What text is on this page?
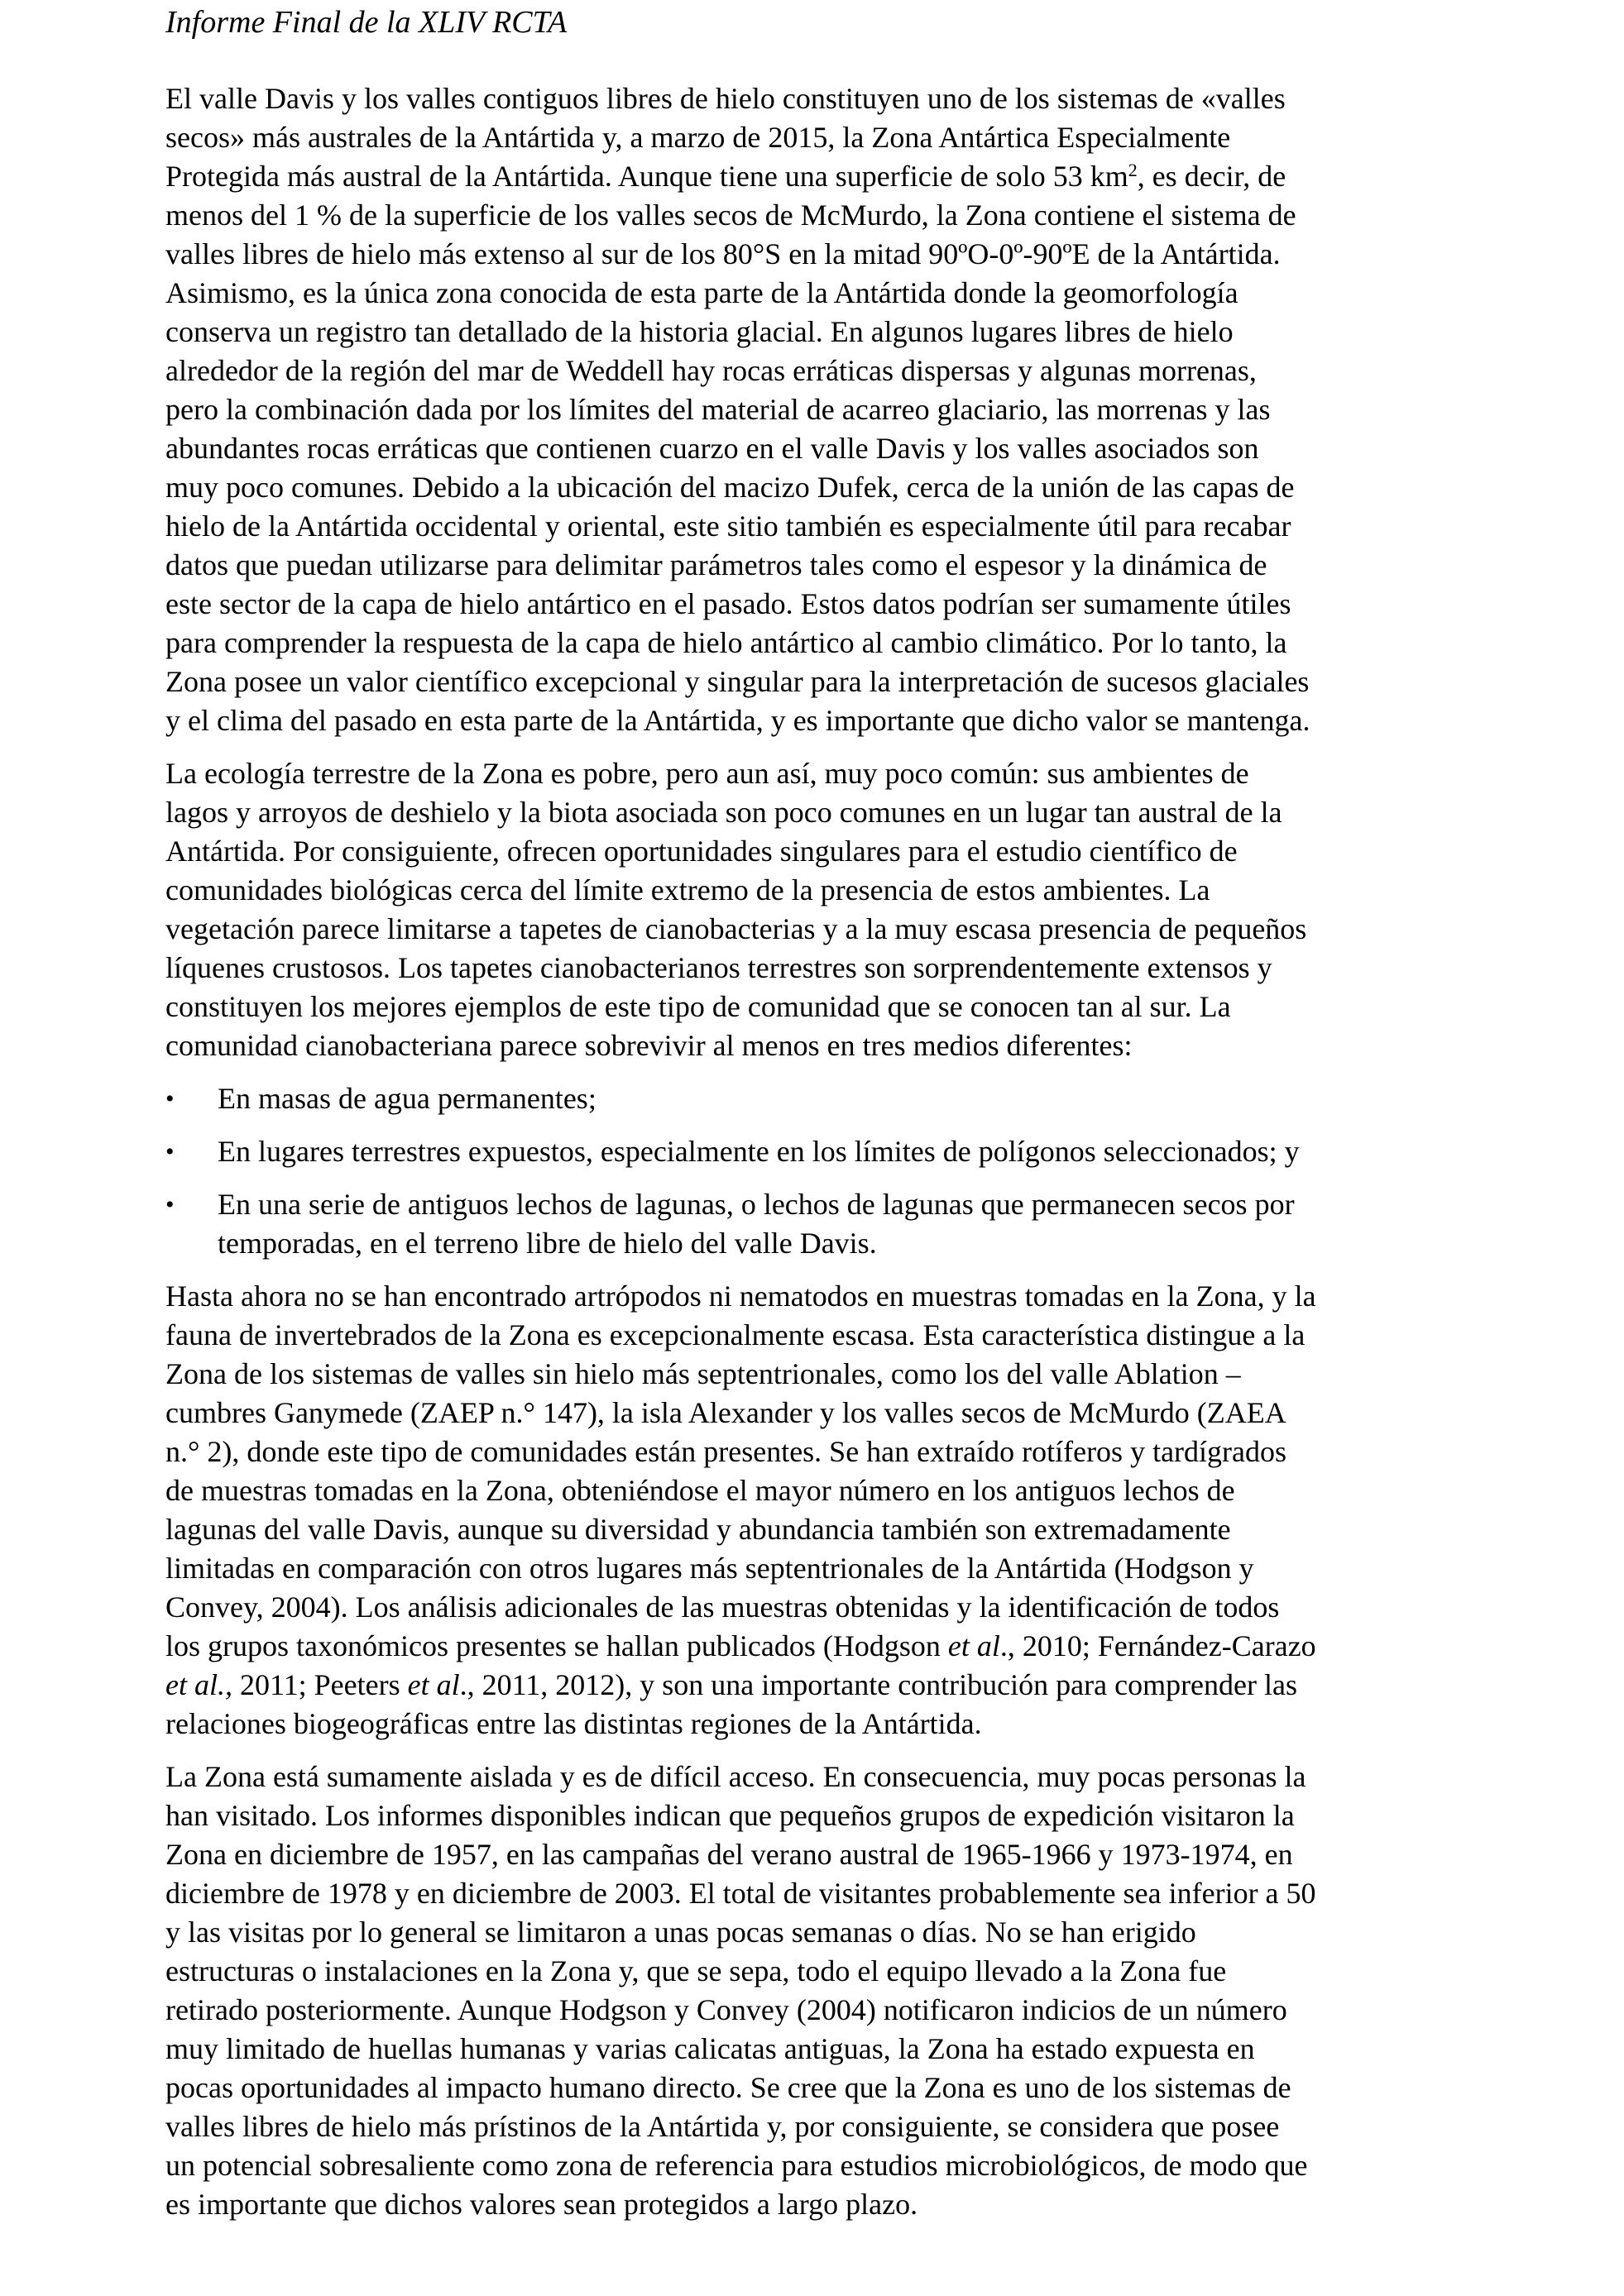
Informe Final de la XLIV RCTA
El valle Davis y los valles contiguos libres de hielo constituyen uno de los sistemas de «valles
secos» más australes de la Antártida y, a marzo de 2015, la Zona Antártica Especialmente
Protegida más austral de la Antártida. Aunque tiene una superficie de solo 53 $km^2$, es decir, de
menos del 1 % de la superficie de los valles secos de McMurdo, la Zona contiene el sistema de
valles libres de hielo más extenso al sur de los 80°S en la mitad 90ºO-0º-90ºE de la Antártida.
Asimismo, es la única zona conocida de esta parte de la Antártida donde la geomorfología
conserva un registro tan detallado de la historia glacial. En algunos lugares libres de hielo
alrededor de la región del mar de Weddell hay rocas erráticas dispersas y algunas morrenas,
pero la combinación dada por los límites del material de acarreo glaciario, las morrenas y las
abundantes rocas erráticas que contienen cuarzo en el valle Davis y los valles asociados son
muy poco comunes. Debido a la ubicación del macizo Dufek, cerca de la unión de las capas de
hielo de la Antártida occidental y oriental, este sitio también es especialmente útil para recabar
datos que puedan utilizarse para delimitar parámetros tales como el espesor y la dinámica de
este sector de la capa de hielo antártico en el pasado. Estos datos podrían ser sumamente útiles
para comprender la respuesta de la capa de hielo antártico al cambio climático. Por lo tanto, la
Zona posee un valor científico excepcional y singular para la interpretación de sucesos glaciales
y el clima del pasado en esta parte de la Antártida, y es importante que dicho valor se mantenga.
La ecología terrestre de la Zona es pobre, pero aun así, muy poco común: sus ambientes de
lagos y arroyos de deshielo y la biota asociada son poco comunes en un lugar tan austral de la
Antártida. Por consiguiente, ofrecen oportunidades singulares para el estudio científico de
comunidades biológicas cerca del límite extremo de la presencia de estos ambientes. La
vegetación parece limitarse a tapetes de cianobacterias y a la muy escasa presencia de pequeños
líquenes crustosos. Los tapetes cianobacterianos terrestres son sorprendentemente extensos y
constituyen los mejores ejemplos de este tipo de comunidad que se conocen tan al sur. La
comunidad cianobacteriana parece sobrevivir al menos en tres medios diferentes:
• En masas de agua permanentes;
• En lugares terrestres expuestos, especialmente en los límites de polígonos seleccionados; y
• En una serie de antiguos lechos de lagunas, o lechos de lagunas que permanecen secos por
temporadas, en el terreno libre de hielo del valle Davis.
Hasta ahora no se han encontrado artrópodos ni nematodos en muestras tomadas en la Zona, y la
fauna de invertebrados de la Zona es excepcionalmente escasa. Esta característica distingue a la
Zona de los sistemas de valles sin hielo más septentrionales, como los del valle Ablation –
cumbres Ganymede (ZAEP n.° 147), la isla Alexander y los valles secos de McMurdo (ZAEA
n.° 2), donde este tipo de comunidades están presentes. Se han extraído rotíferos y tardígrados
de muestras tomadas en la Zona, obteniéndose el mayor número en los antiguos lechos de
lagunas del valle Davis, aunque su diversidad y abundancia también son extremadamente
limitadas en comparación con otros lugares más septentrionales de la Antártida (Hodgson y
Convey, 2004). Los análisis adicionales de las muestras obtenidas y la identificación de todos
los grupos taxonómicos presentes se hallan publicados (Hodgson et al., 2010; Fernández-Carazo
et al., 2011; Peeters et al., 2011, 2012), y son una importante contribución para comprender las
relaciones biogeográficas entre las distintas regiones de la Antártida.
La Zona está sumamente aislada y es de difícil acceso. En consecuencia, muy pocas personas la
han visitado. Los informes disponibles indican que pequeños grupos de expedición visitaron la
Zona en diciembre de 1957, en las campañas del verano austral de 1965-1966 y 1973-1974, en
diciembre de 1978 y en diciembre de 2003. El total de visitantes probablemente sea inferior a 50
y las visitas por lo general se limitaron a unas pocas semanas o días. No se han erigido
estructuras o instalaciones en la Zona y, que se sepa, todo el equipo llevado a la Zona fue
retirado posteriormente. Aunque Hodgson y Convey (2004) notificaron indicios de un número
muy limitado de huellas humanas y varias calicatas antiguas, la Zona ha estado expuesta en
pocas oportunidades al impacto humano directo. Se cree que la Zona es uno de los sistemas de
valles libres de hielo más prístinos de la Antártida y, por consiguiente, se considera que posee
un potencial sobresaliente como zona de referencia para estudios microbiológicos, de modo que
es importante que dichos valores sean protegidos a largo plazo.
